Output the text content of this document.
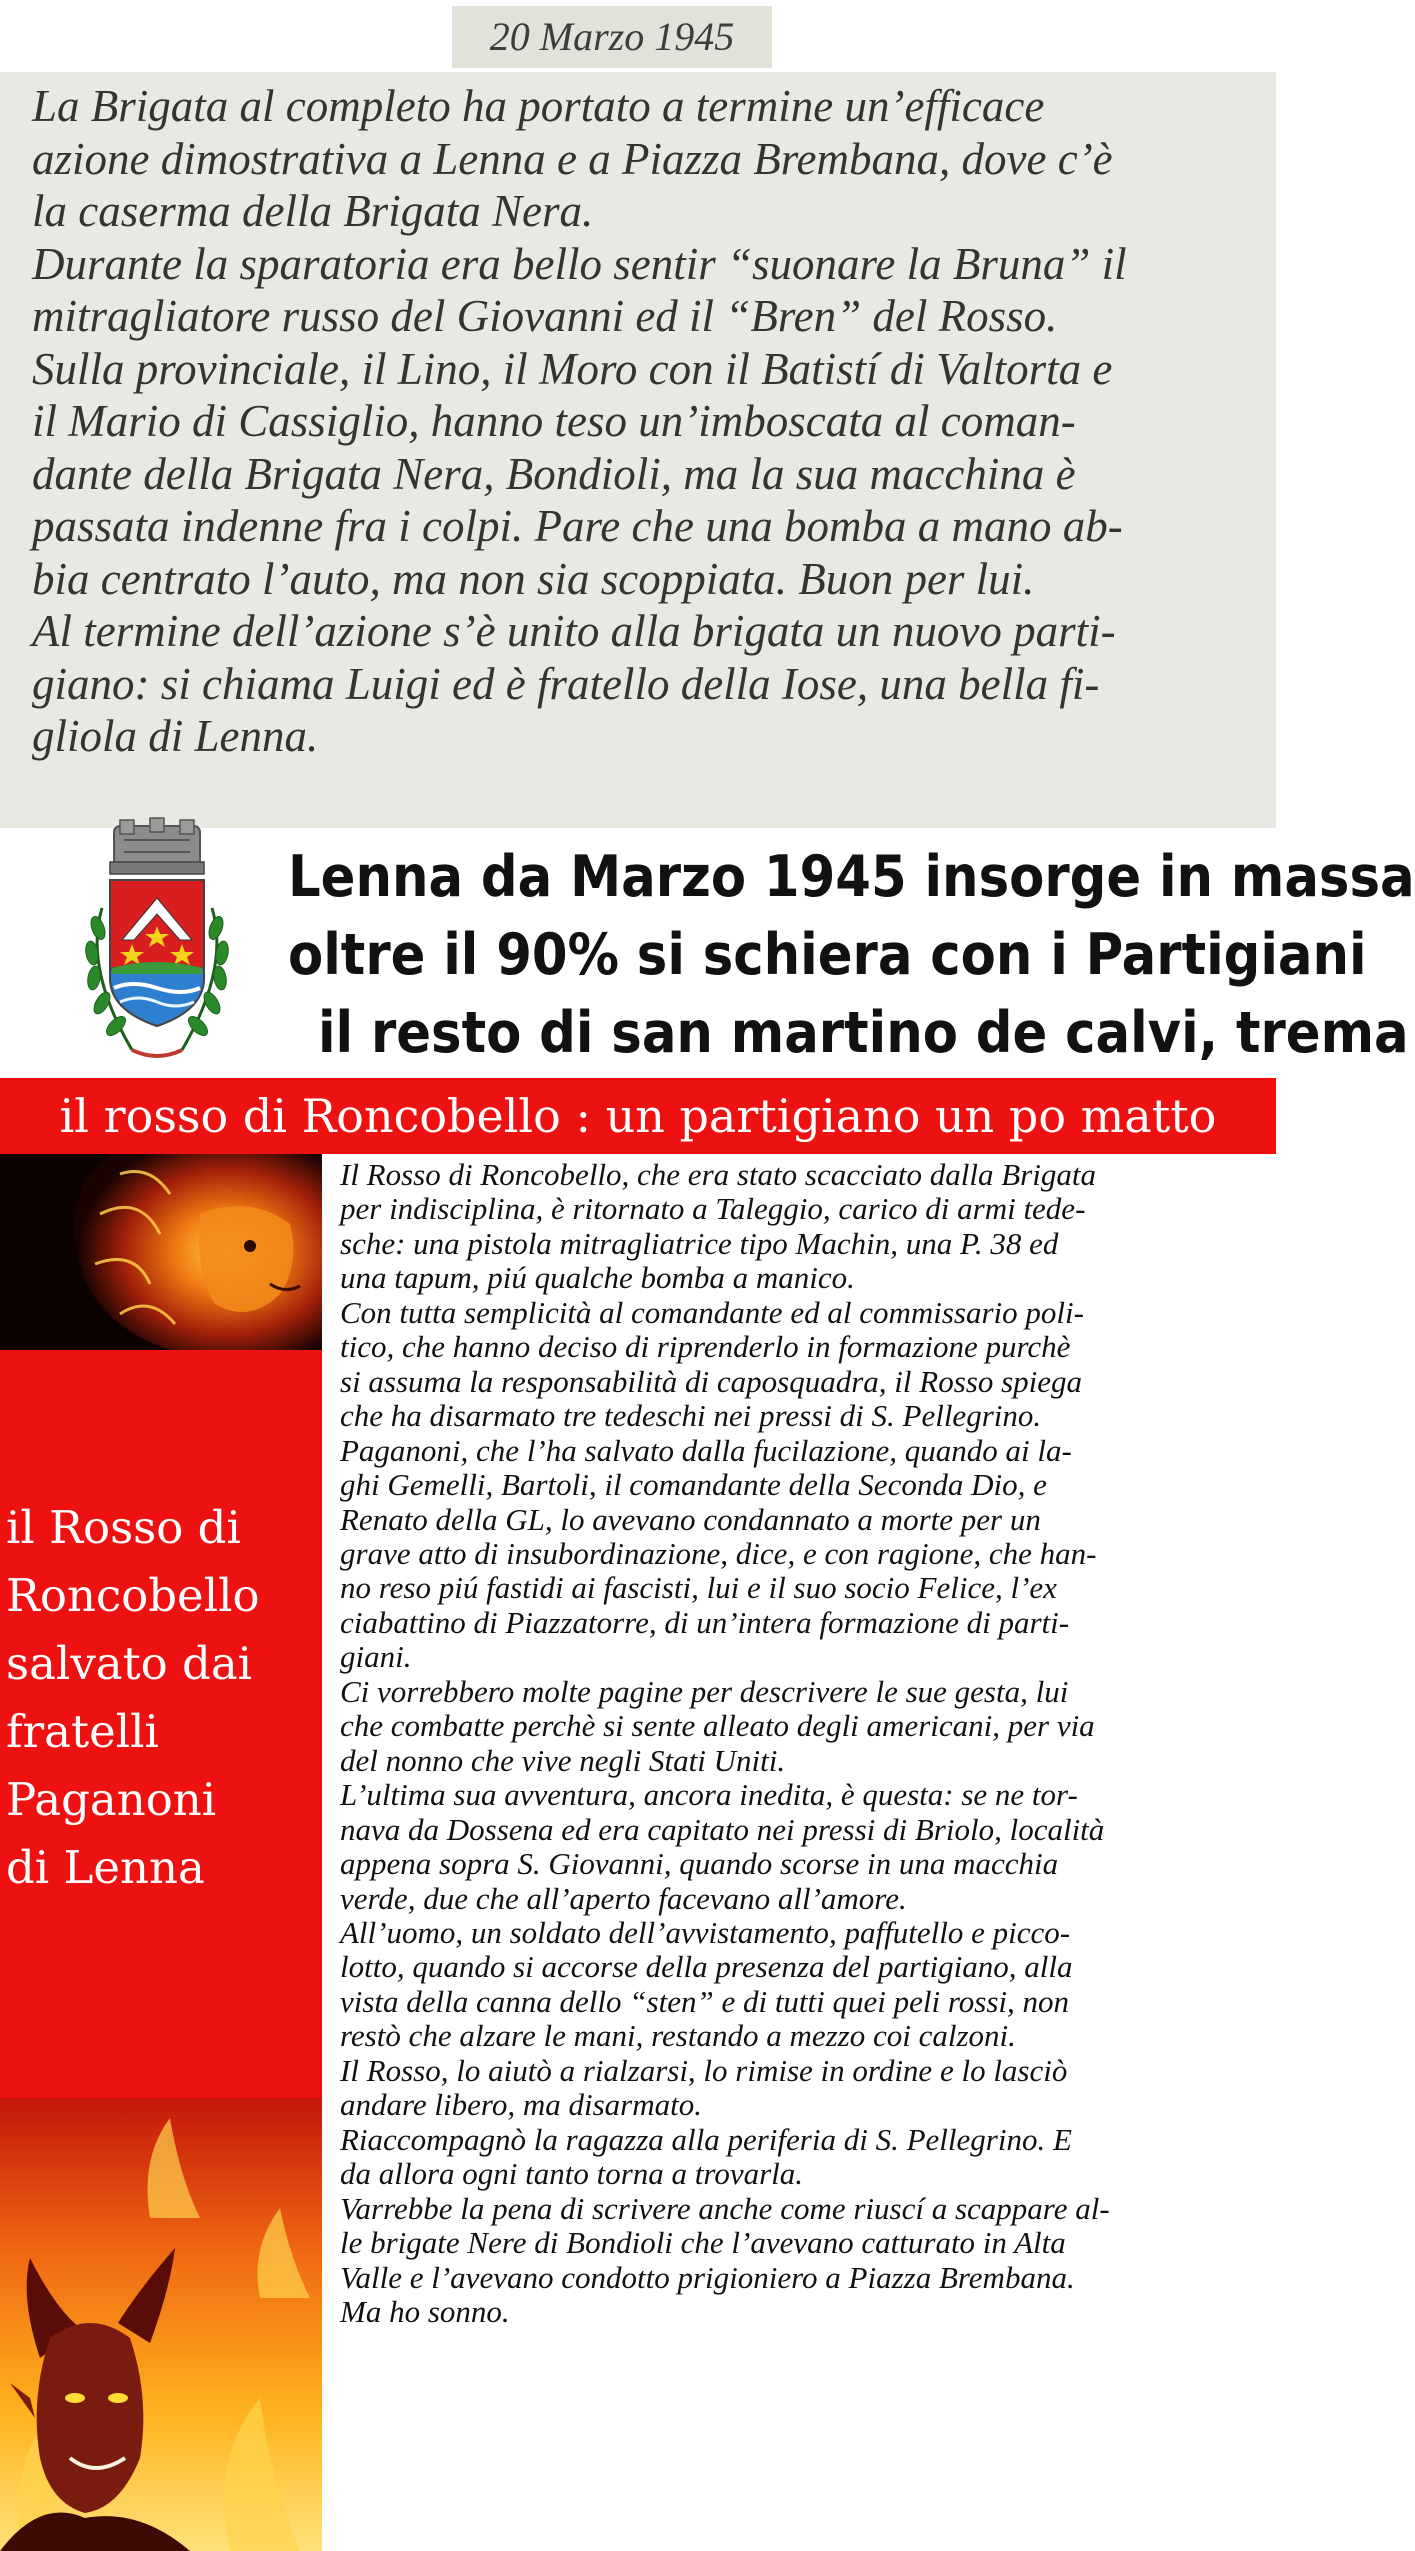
20 Marzo 1945
La Brigata al completo ha portato a termine un’efficace
azione dimostrativa a Lenna e a Piazza Brembana, dove c’è
la caserma della Brigata Nera.
Durante la sparatoria era bello sentir “suonare la Bruna” il
mitragliatore russo del Giovanni ed il “Bren” del Rosso.
Sulla provinciale, il Lino, il Moro con il Batistí di Valtorta e
il Mario di Cassiglio, hanno teso un’imboscata al coman-
dante della Brigata Nera, Bondioli, ma la sua macchina è
passata indenne fra i colpi. Pare che una bomba a mano ab-
bia centrato l’auto, ma non sia scoppiata. Buon per lui.
Al termine dell’azione s’è unito alla brigata un nuovo parti-
giano: si chiama Luigi ed è fratello della Iose, una bella fi-
gliola di Lenna.
Lenna da Marzo 1945 insorge in massa
oltre il 90% si schiera con i Partigiani
il resto di san martino de calvi, trema
il rosso di Roncobello : un partigiano un po matto
il Rosso di
Roncobello
salvato dai
fratelli
Paganoni
di Lenna
Il Rosso di Roncobello, che era stato scacciato dalla Brigata
per indisciplina, è ritornato a Taleggio, carico di armi tede-
sche: una pistola mitragliatrice tipo Machin, una P. 38 ed
una tapum, piú qualche bomba a manico.
Con tutta semplicità al comandante ed al commissario poli-
tico, che hanno deciso di riprenderlo in formazione purchè
si assuma la responsabilità di caposquadra, il Rosso spiega
che ha disarmato tre tedeschi nei pressi di S. Pellegrino.
Paganoni, che l’ha salvato dalla fucilazione, quando ai la-
ghi Gemelli, Bartoli, il comandante della Seconda Dio, e
Renato della GL, lo avevano condannato a morte per un
grave atto di insubordinazione, dice, e con ragione, che han-
no reso piú fastidi ai fascisti, lui e il suo socio Felice, l’ex
ciabattino di Piazzatorre, di un’intera formazione di parti-
giani.
Ci vorrebbero molte pagine per descrivere le sue gesta, lui
che combatte perchè si sente alleato degli americani, per via
del nonno che vive negli Stati Uniti.
L’ultima sua avventura, ancora inedita, è questa: se ne tor-
nava da Dossena ed era capitato nei pressi di Briolo, località
appena sopra S. Giovanni, quando scorse in una macchia
verde, due che all’aperto facevano all’amore.
All’uomo, un soldato dell’avvistamento, paffutello e picco-
lotto, quando si accorse della presenza del partigiano, alla
vista della canna dello “sten” e di tutti quei peli rossi, non
restò che alzare le mani, restando a mezzo coi calzoni.
Il Rosso, lo aiutò a rialzarsi, lo rimise in ordine e lo lasciò
andare libero, ma disarmato.
Riaccompagnò la ragazza alla periferia di S. Pellegrino. E
da allora ogni tanto torna a trovarla.
Varrebbe la pena di scrivere anche come riuscí a scappare al-
le brigate Nere di Bondioli che l’avevano catturato in Alta
Valle e l’avevano condotto prigioniero a Piazza Brembana.
Ma ho sonno.
